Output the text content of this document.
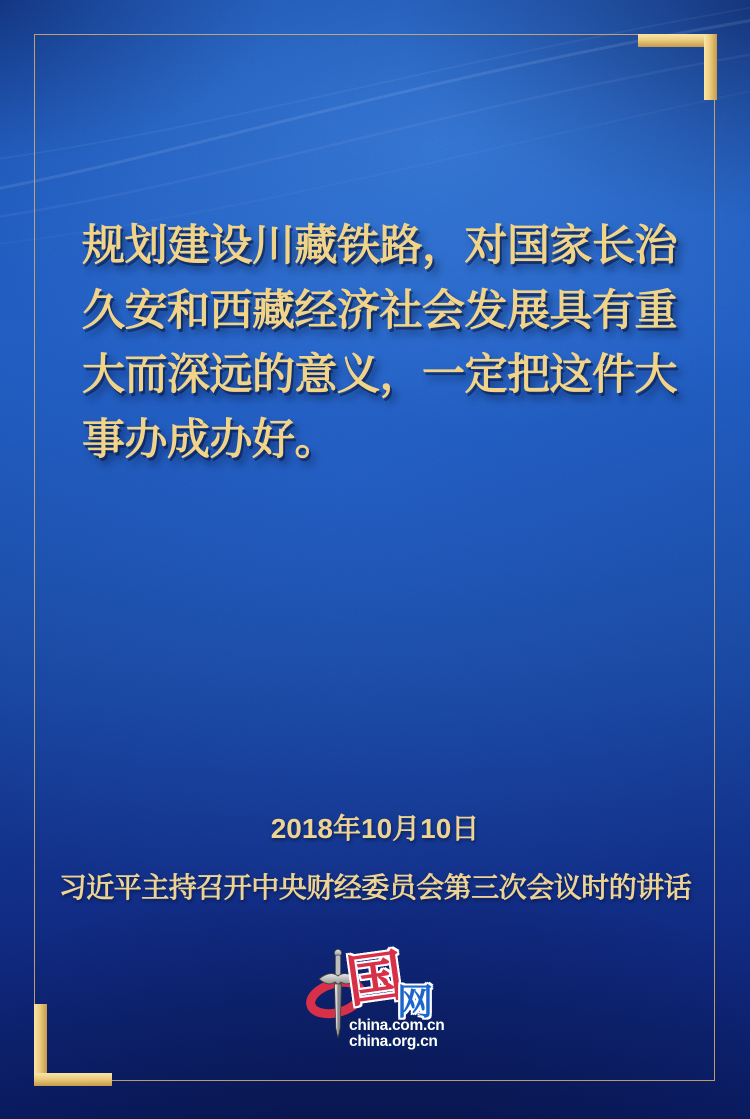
规划建设川藏铁路，对国家长治
久安和西藏经济社会发展具有重
大而深远的意义，一定把这件大
事办成办好。
2018年10月10日
习近平主持召开中央财经委员会第三次会议时的讲话
国
网
china.com.cn
china.org.cn
